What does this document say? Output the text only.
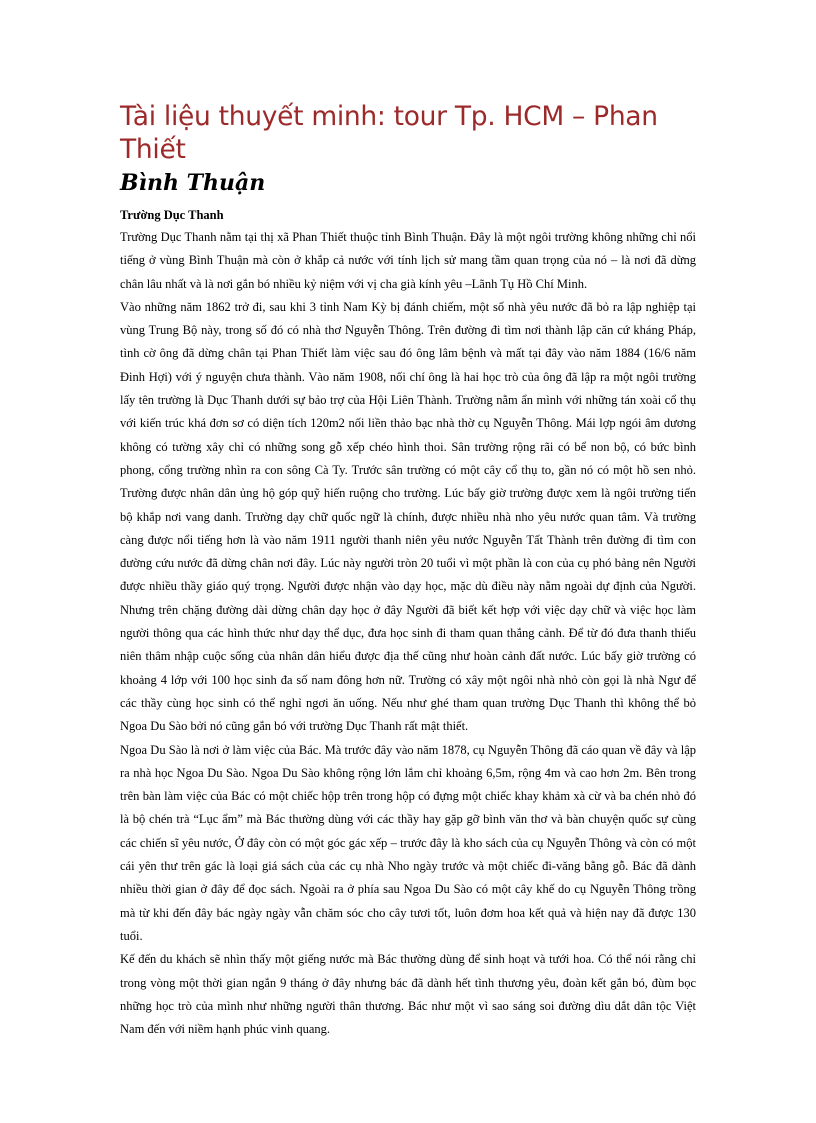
Tài liệu thuyết minh: tour Tp. HCM – Phan Thiết
Bình Thuận
Trường Dục Thanh

Trường Dục Thanh nằm tại thị xã Phan Thiết thuộc tỉnh Bình Thuận. Đây là một ngôi trường không những chỉ nổi tiếng ở vùng Bình Thuận mà còn ở khắp cả nước với tính lịch sử mang tầm quan trọng của nó – là nơi đã dừng chân lâu nhất và là nơi gắn bó nhiều kỷ niệm với vị cha già kính yêu –Lãnh Tụ Hồ Chí Minh.

Vào những năm 1862 trở đi, sau khi 3 tỉnh Nam Kỳ bị đánh chiếm, một số nhà yêu nước đã bỏ ra lập nghiệp tại vùng Trung Bộ này, trong số đó có nhà thơ Nguyễn Thông. Trên đường đi tìm nơi thành lập căn cứ kháng Pháp, tình cờ ông đã dừng chân tại Phan Thiết làm việc sau đó ông lâm bệnh và mất tại đây vào năm 1884 (16/6 năm Đinh Hợi) với ý nguyện chưa thành. Vào năm 1908, nối chí ông là hai học trò của ông đã lập ra một ngôi trường lấy tên trường là Dục Thanh dưới sự bảo trợ của Hội Liên Thành. Trường nằm ẩn mình với những tán xoài cổ thụ với kiến trúc khá đơn sơ có diện tích 120m2 nối liền thảo bạc nhà thờ cụ Nguyễn Thông. Mái lợp ngói âm dương không có tường xây chỉ có những song gỗ xếp chéo hình thoi. Sân trường rộng rãi có bể non bộ, có bức bình phong, cổng trường nhìn ra con sông Cà Ty. Trước sân trường có một cây cổ thụ to, gần nó có một hồ sen nhỏ. Trường được nhân dân ủng hộ góp quỹ hiến ruộng cho trường. Lúc bấy giờ trường được xem là ngôi trường tiến bộ khắp nơi vang danh. Trường dạy chữ quốc ngữ là chính, được nhiều nhà nho yêu nước quan tâm. Và trường càng được nổi tiếng hơn là vào năm 1911 người thanh niên yêu nước Nguyễn Tất Thành trên đường đi tìm con đường cứu nước đã dừng chân nơi đây. Lúc này người tròn 20 tuổi vì một phần là con của cụ phó bảng nên Người được nhiều thầy giáo quý trọng. Người được nhận vào dạy học, mặc dù điều này nằm ngoài dự định của Người. Nhưng trên chặng đường dài dừng chân dạy học ở đây Người đã biết kết hợp với việc dạy chữ và việc học làm người thông qua các hình thức như dạy thể dục, đưa học sinh đi tham quan thắng cảnh. Để từ đó đưa thanh thiếu niên thâm nhập cuộc sống của nhân dân hiểu được địa thế cũng như hoàn cảnh đất nước. Lúc bấy giờ trường có khoảng 4 lớp với 100 học sinh đa số nam đông hơn nữ. Trường có xây một ngôi nhà nhỏ còn gọi là nhà Ngư để các thầy cùng học sinh có thể nghỉ ngơi ăn uống. Nếu như ghé tham quan trường Dục Thanh thì không thể bỏ Ngoa Du Sào bởi nó cũng gắn bó với trường Dục Thanh rất mật thiết.

Ngoa Du Sào là nơi ở làm việc của Bác. Mà trước đây vào năm 1878, cụ Nguyễn Thông đã cáo quan về đây và lập ra nhà học Ngoa Du Sào. Ngoa Du Sào không rộng lớn lắm chỉ khoảng 6,5m, rộng 4m và cao hơn 2m. Bên trong trên bàn làm việc của Bác có một chiếc hộp trên trong hộp có đựng một chiếc khay khảm xà cừ và ba chén nhỏ đó là bộ chén trà “Lục ẩm” mà Bác thường dùng với các thầy hay gặp gỡ bình văn thơ và bàn chuyện quốc sự cùng các chiến sĩ yêu nước, Ở đây còn có một góc gác xếp – trước đây là kho sách của cụ Nguyễn Thông và còn có một cái yên thư trên gác là loại giá sách của các cụ nhà Nho ngày trước và một chiếc đi-văng bằng gỗ. Bác đã dành nhiều thời gian ở đây để đọc sách. Ngoài ra ở phía sau Ngoa Du Sào có một cây khế do cụ Nguyễn Thông trồng mà từ khi đến đây bác ngày ngày vẫn chăm sóc cho cây tươi tốt, luôn đơm hoa kết quả và hiện nay đã được 130 tuổi.

Kế đến du khách sẽ nhìn thấy một giếng nước mà Bác thường dùng để sinh hoạt và tưới hoa. Có thể nói rằng chỉ trong vòng một thời gian ngắn 9 tháng ở đây nhưng bác đã dành hết tình thương yêu, đoàn kết gắn bó, đùm bọc những học trò của mình như những người thân thương. Bác như một vì sao sáng soi đường dìu dắt dân tộc Việt Nam đến với niềm hạnh phúc vinh quang.
